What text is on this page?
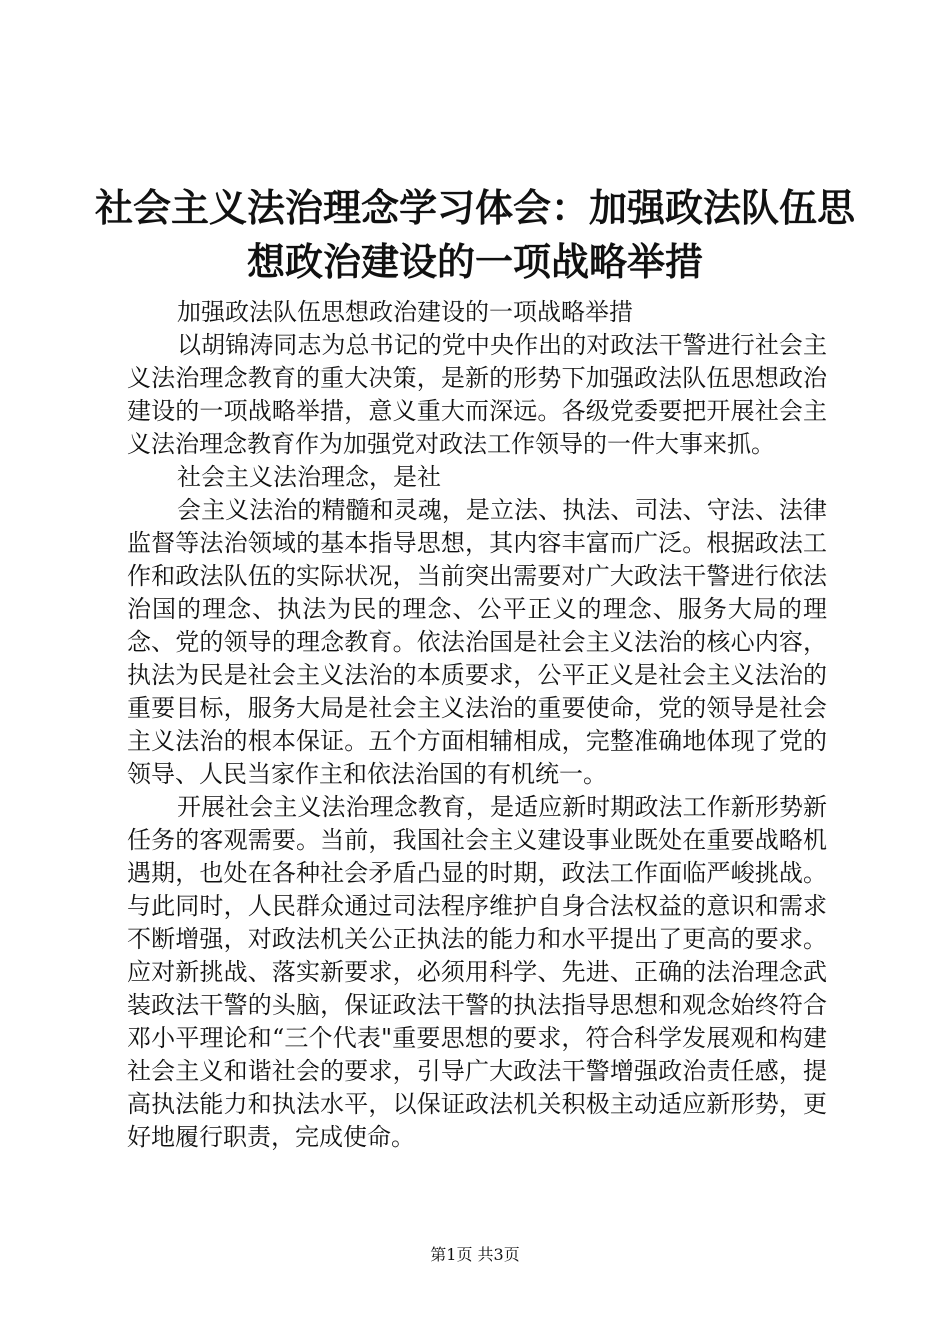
社会主义法治理念学习体会：加强政法队伍思
想政治建设的一项战略举措

加强政法队伍思想政治建设的一项战略举措

以胡锦涛同志为总书记的党中央作出的对政法干警进行社会主义法治理念教育的重大决策，是新的形势下加强政法队伍思想政治建设的一项战略举措，意义重大而深远。各级党委要把开展社会主义法治理念教育作为加强党对政法工作领导的一件大事来抓。

社会主义法治理念，是社

会主义法治的精髓和灵魂，是立法、执法、司法、守法、法律监督等法治领域的基本指导思想，其内容丰富而广泛。根据政法工作和政法队伍的实际状况，当前突出需要对广大政法干警进行依法治国的理念、执法为民的理念、公平正义的理念、服务大局的理念、党的领导的理念教育。依法治国是社会主义法治的核心内容，执法为民是社会主义法治的本质要求，公平正义是社会主义法治的重要目标，服务大局是社会主义法治的重要使命，党的领导是社会主义法治的根本保证。五个方面相辅相成，完整准确地体现了党的领导、人民当家作主和依法治国的有机统一。

开展社会主义法治理念教育，是适应新时期政法工作新形势新任务的客观需要。当前，我国社会主义建设事业既处在重要战略机遇期，也处在各种社会矛盾凸显的时期，政法工作面临严峻挑战。与此同时，人民群众通过司法程序维护自身合法权益的意识和需求不断增强，对政法机关公正执法的能力和水平提出了更高的要求。应对新挑战、落实新要求，必须用科学、先进、正确的法治理念武装政法干警的头脑，保证政法干警的执法指导思想和观念始终符合邓小平理论和“三个代表"重要思想的要求，符合科学发展观和构建社会主义和谐社会的要求，引导广大政法干警增强政治责任感，提高执法能力和执法水平，以保证政法机关积极主动适应新形势，更好地履行职责，完成使命。

第1页 共3页
